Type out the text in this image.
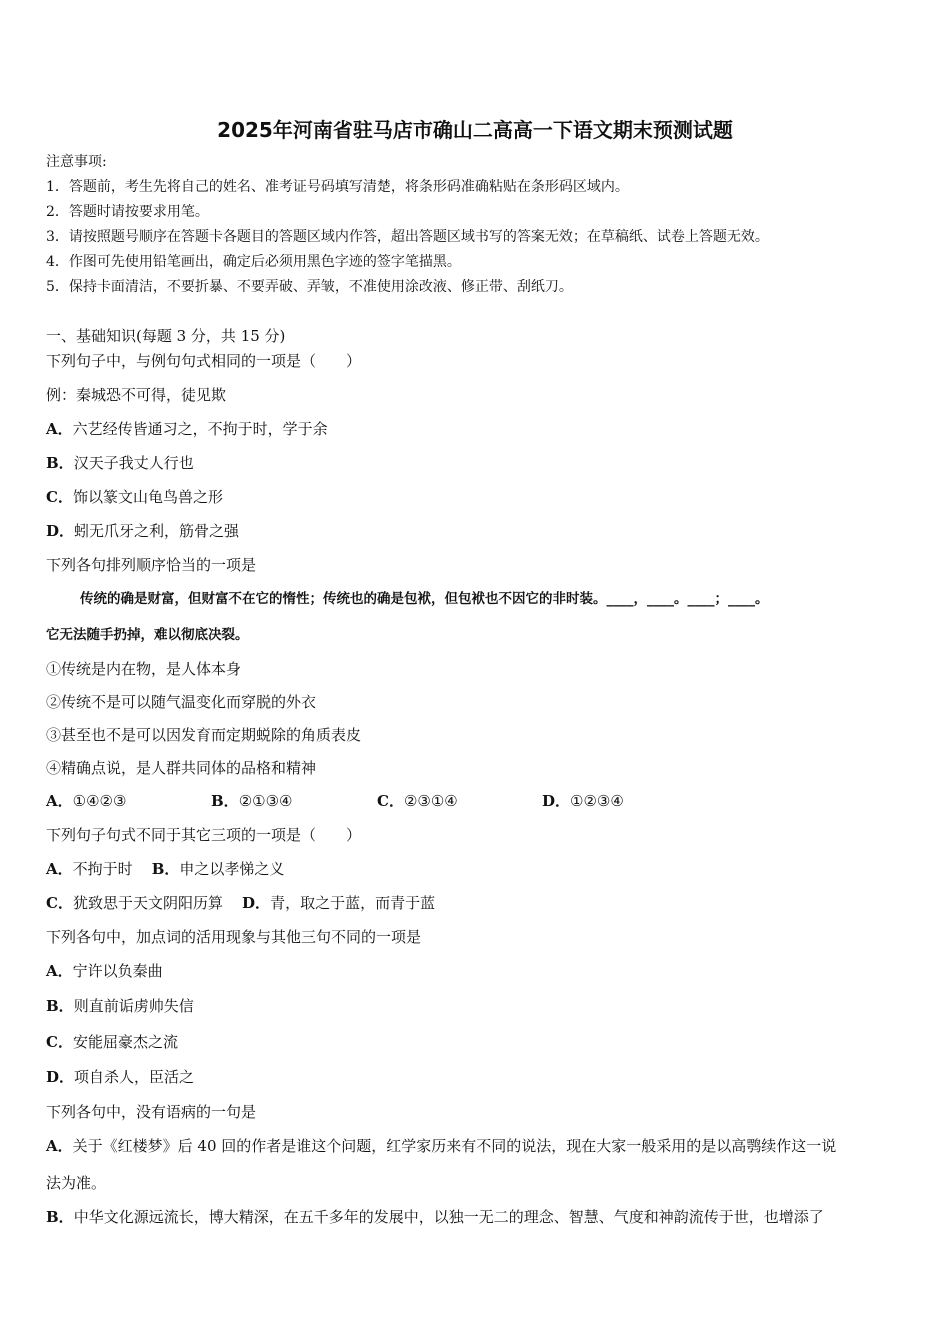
2025年河南省驻马店市确山二高高一下语文期末预测试题
注意事项:
1．答题前，考生先将自己的姓名、准考证号码填写清楚，将条形码准确粘贴在条形码区域内。
2．答题时请按要求用笔。
3．请按照题号顺序在答题卡各题目的答题区域内作答，超出答题区域书写的答案无效；在草稿纸、试卷上答题无效。
4．作图可先使用铅笔画出，确定后必须用黑色字迹的签字笔描黑。
5．保持卡面清洁，不要折暴、不要弄破、弄皱，不准使用涂改液、修正带、刮纸刀。
一、基础知识(每题 3 分，共 15 分)
下列句子中，与例句句式相同的一项是（　　）
例：秦城恐不可得，徒见欺
A．六艺经传皆通习之，不拘于时，学于余
B．汉天子我丈人行也
C．饰以篆文山龟鸟兽之形
D．蚓无爪牙之利，筋骨之强
下列各句排列顺序恰当的一项是
传统的确是财富，但财富不在它的惰性；传统也的确是包袱，但包袱也不因它的非时装。____，____。____；____。
它无法随手扔掉，难以彻底决裂。
①传统是内在物，是人体本身
②传统不是可以随气温变化而穿脱的外衣
③甚至也不是可以因发育而定期蜕除的角质表皮
④精确点说，是人群共同体的品格和精神
A．①④②③	B．②①③④	C．②③①④	D．①②③④
下列句子句式不同于其它三项的一项是（　　）
A．不拘于时 B．申之以孝悌之义
C．犹致思于天文阴阳历算 D．青，取之于蓝，而青于蓝
下列各句中，加点词的活用现象与其他三句不同的一项是
A．宁许以负秦曲
B．则直前诟虏帅失信
C．安能屈豪杰之流
D．项自杀人，臣活之
下列各句中，没有语病的一句是
A．关于《红楼梦》后 40 回的作者是谁这个问题，红学家历来有不同的说法，现在大家一般采用的是以高鹗续作这一说
法为准。
B．中华文化源远流长，博大精深，在五千多年的发展中，以独一无二的理念、智慧、气度和神韵流传于世，也增添了
